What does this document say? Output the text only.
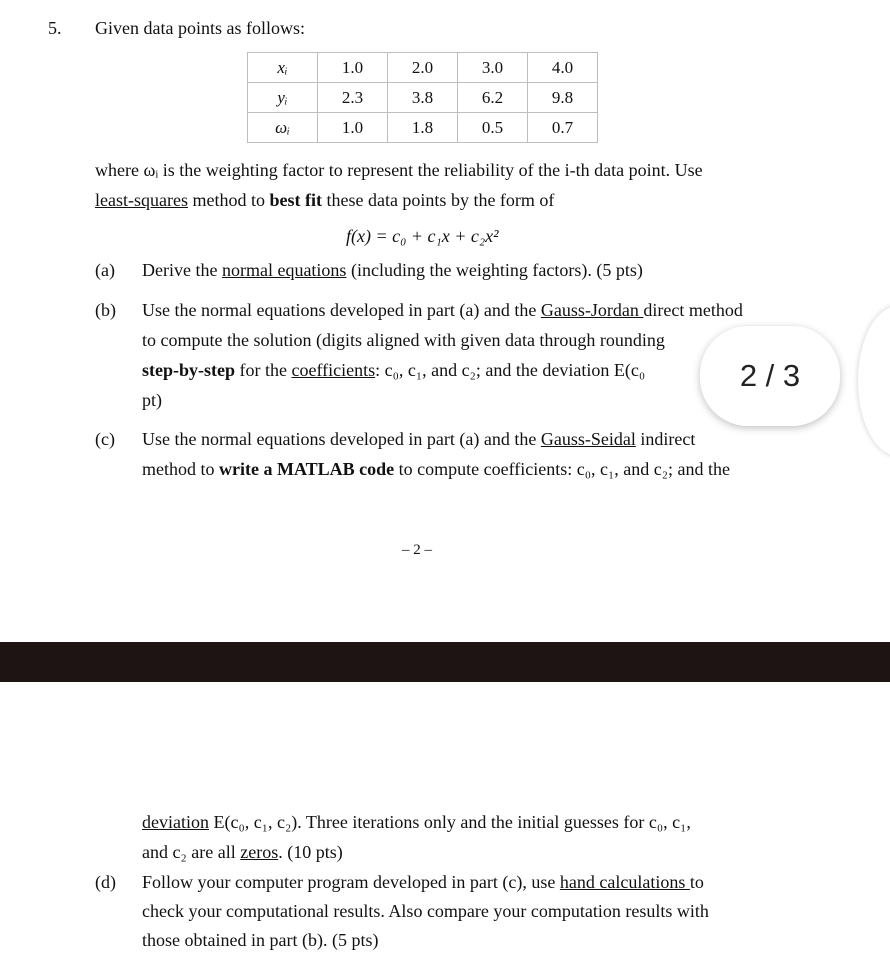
5. Given data points as follows:
xᵢ	1.0	2.0	3.0	4.0
yᵢ	2.3	3.8	6.2	9.8
ωᵢ	1.0	1.8	0.5	0.7
where ωᵢ is the weighting factor to represent the reliability of the i-th data point. Use
least-squares method to best fit these data points by the form of
f(x) = c₀ + c₁x + c₂x²
(a) Derive the normal equations (including the weighting factors). (5 pts)
(b) Use the normal equations developed in part (a) and the Gauss-Jordan direct method
to compute the solution (digits aligned with given data through rounding
step-by-step for the coefficients: c₀, c₁, and c₂; and the deviation E(c₀
pt)
2 / 3
(c) Use the normal equations developed in part (a) and the Gauss-Seidal indirect
method to write a MATLAB code to compute coefficients: c₀, c₁, and c₂; and the
– 2 –
deviation E(c₀, c₁, c₂). Three iterations only and the initial guesses for c₀, c₁,
and c₂ are all zeros. (10 pts)
(d) Follow your computer program developed in part (c), use hand calculations to
check your computational results. Also compare your computation results with
those obtained in part (b). (5 pts)
